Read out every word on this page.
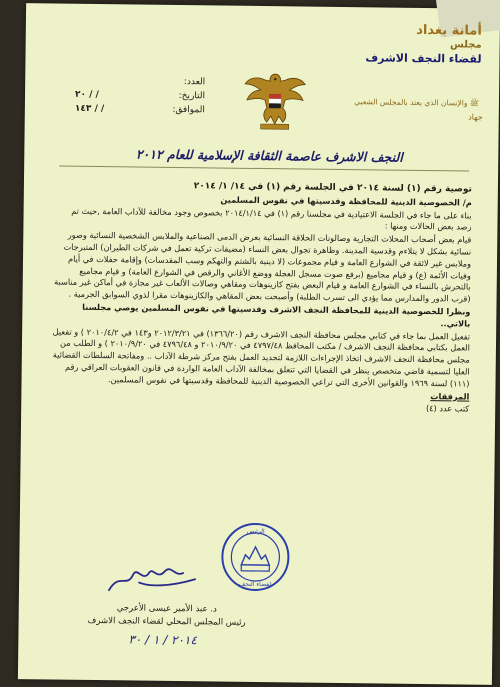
أمانة بغداد
مجلس
لقضاء النجف الاشرف
ﷺ والإنسان الذي يعتد بالمجلس الشعبي
جهاد
العدد:
التاريخ:
/ / ٢٠
الموافق:
/ / ١٤٣
النجف الاشرف عاصمة الثقافة الإسلامية للعام ٢٠١٢

توصية رقم (١) لسنة ٢٠١٤ في الجلسة رقم (١) في ١٤/ ١/ ٢٠١٤

م/ الخصوصية الدينية للمحافظة وقدسيتها في نفوس المسلمين

بناء على ما جاء في الجلسة الاعتيادية في مجلسنا رقم (١) في ٢٠١٤/١/١٤ بخصوص وجود مخالفة للآداب العامة ,حيث تم رصد بعض الحالات ومنها :

قيام بعض أصحاب المحلات التجارية وصالونات الحلاقة النسائية بعرض الدمى الصناعية والملابس الشخصية النسائية وصور نسائية بشكل لا يتلاءم وقدسية المدينة. وظاهرة تجوال بعض النساء (مضيفات تركية تعمل في شركات الطيران) المتبرجات وملابس غير لائقة في الشوارع العامة و قيام مجموعات (لا دينية بالشتم والتهكم وسب المقدسات) وإقامة حفلات في أيام وفيات الأئمة (ع) و قيام مجاميع (برفع صوت مسجل العجلة ووضع الأغاني والرقص في الشوارع العامة) و قيام مجاميع بالتحرش بالنساء في الشوارع العامة و قيام البعض بفتح كازينوهات ومقاهي وصالات الألعاب غير مجازة في أماكن غير مناسبة (قرب الدور والمدارس مما يؤدي الى تسرب الطلبة) وأصبحت بعض المقاهي والكازينوهات مقرا لذوي السوابق الجرمية .

ونظرا للخصوصية الدينية للمحافظة النجف الاشرف وقدسيتها في نفوس المسلمين يوصي مجلسنا بالاتي..

تفعيل العمل بما جاء في كتابي مجلس محافظة النجف الاشرف رقم (١٣٦٦/٢٠) في ٢٠١٢/٣/٢١ و١٤٣ في ٢٠١٠/٤/٢ ) و تفعيل العمل بكتابي محافظة النجف الاشرف / مكتب المحافظ ٤٧٩٧/٤٨ في ٢٠١٠/٩/٢٠ و ٤٧٩٦/٤٨ في ٢٠١٠/٩/٢٠ ) و الطلب من مجلس محافظة النجف الاشرف اتخاذ الإجراءات اللازمة لتجديد العمل بفتح مركز شرطة الآداب .. ومفاتحة السلطات القضائية العليا لتسمية قاضي متخصص ينظر في القضايا التي تتعلق بمخالفة الآداب العامة الواردة في قانون العقوبات العراقي رقم (١١١) لسنة ١٩٦٩ والقوانين الأخرى التي تراعي الخصوصية الدينية للمحافظة وقدسيتها في نفوس المسلمين.

المرفقات

كتب عدد (٤)

الرئيس
لقضاء النجف
د. عبد الأمير عيسى الأعرجي
رئيس المجلس المحلي لقضاء النجف الاشرف
٢٠١٤ / ١ / ٣٠
